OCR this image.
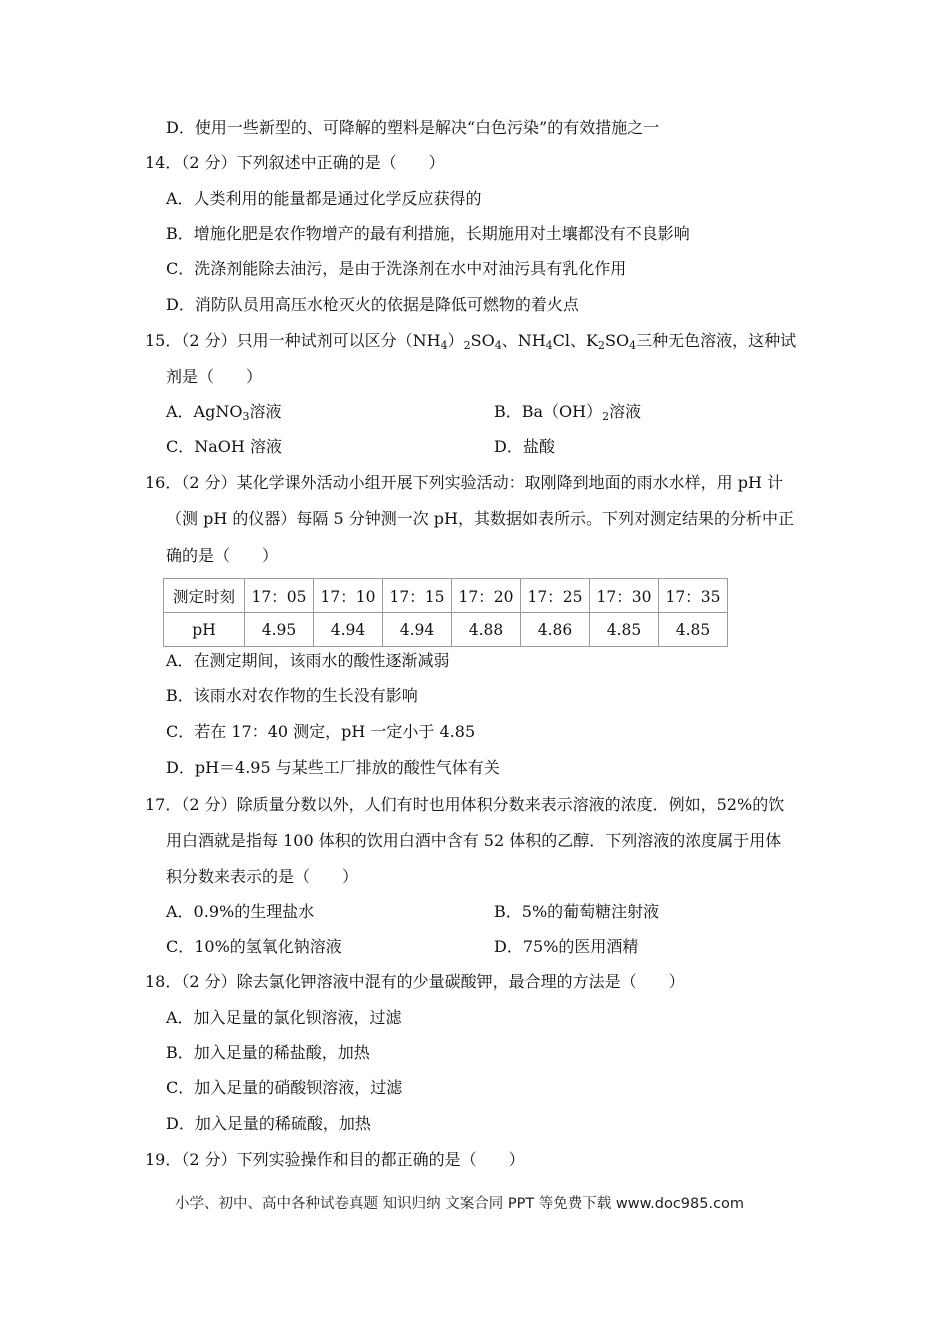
D．使用一些新型的、可降解的塑料是解决“白色污染”的有效措施之一
14．（2 分）下列叙述中正确的是（　　）
A．人类利用的能量都是通过化学反应获得的
B．增施化肥是农作物增产的最有利措施，长期施用对土壤都没有不良影响
C．洗涤剂能除去油污，是由于洗涤剂在水中对油污具有乳化作用
D．消防队员用高压水枪灭火的依据是降低可燃物的着火点
15．（2 分）只用一种试剂可以区分$(NH_4)_2SO_4$、$NH_4Cl$、$K_2SO_4$三种无色溶液，这种试
剂是（　　）
A．AgNO$_3$溶液	B．$Ba(OH)_2$溶液
C．NaOH 溶液	D．盐酸
16．（2 分）某化学课外活动小组开展下列实验活动：取刚降到地面的雨水水样，用 pH 计
（测 pH 的仪器）每隔 5 分钟测一次 pH，其数据如表所示。下列对测定结果的分析中正
确的是（　　）
测定时刻	17：05	17：10	17：15	17：20	17：25	17：30	17：35
pH	4.95	4.94	4.94	4.88	4.86	4.85	4.85
A．在测定期间，该雨水的酸性逐渐减弱
B．该雨水对农作物的生长没有影响
C．若在 17：40 测定，pH 一定小于 4.85
D．pH＝4.95 与某些工厂排放的酸性气体有关
17．（2 分）除质量分数以外，人们有时也用体积分数来表示溶液的浓度．例如，52%的饮
用白酒就是指每 100 体积的饮用白酒中含有 52 体积的乙醇．下列溶液的浓度属于用体
积分数来表示的是（　　）
A．0.9%的生理盐水	B．5%的葡萄糖注射液
C．10%的氢氧化钠溶液	D．75%的医用酒精
18．（2 分）除去氯化钾溶液中混有的少量碳酸钾，最合理的方法是（　　）
A．加入足量的氯化钡溶液，过滤
B．加入足量的稀盐酸，加热
C．加入足量的硝酸钡溶液，过滤
D．加入足量的稀硫酸，加热
19．（2 分）下列实验操作和目的都正确的是（　　）
小学、初中、高中各种试卷真题 知识归纳 文案合同 PPT 等免费下载 www.doc985.com
